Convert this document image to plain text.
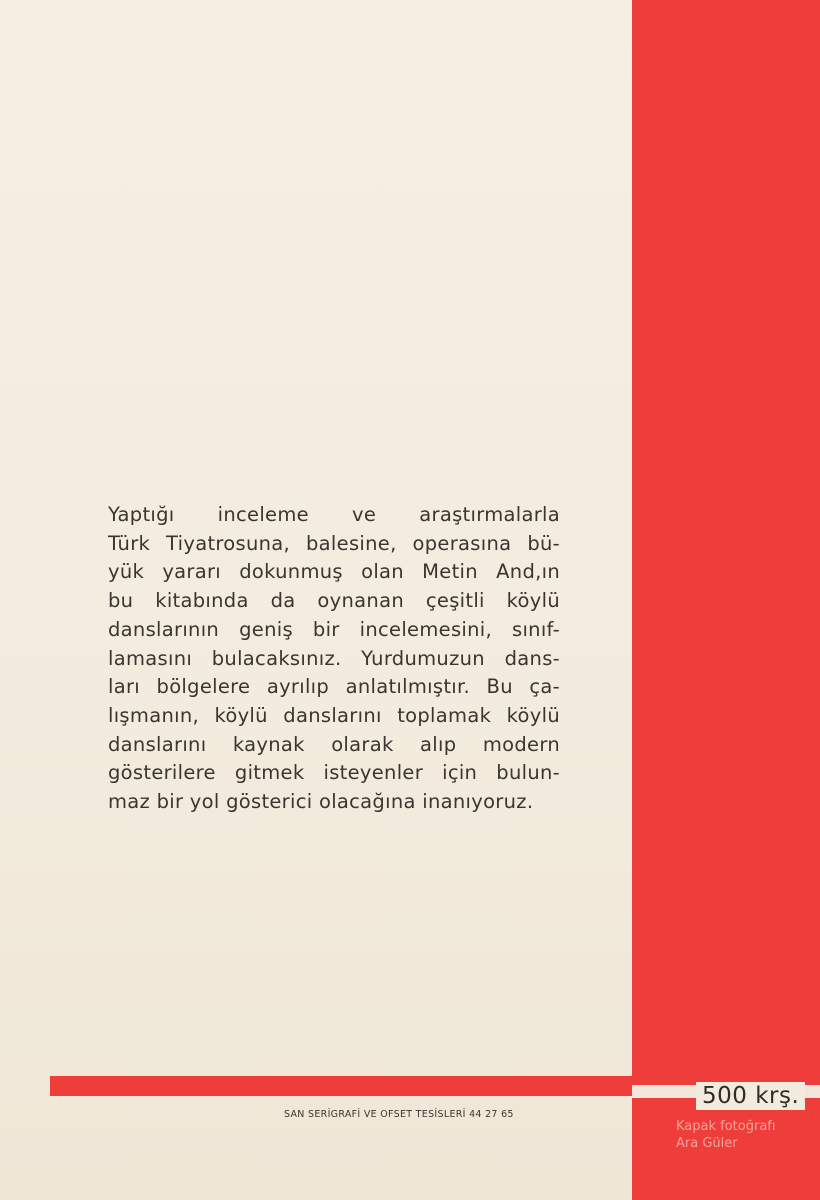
Yaptığı inceleme ve araştırmalarla
Türk Tiyatrosuna, balesine, operasına bü-
yük yararı dokunmuş olan Metin And,ın
bu kitabında da oynanan çeşitli köylü
danslarının geniş bir incelemesini, sınıf-
lamasını bulacaksınız. Yurdumuzun dans-
ları bölgelere ayrılıp anlatılmıştır. Bu ça-
lışmanın, köylü danslarını toplamak köylü
danslarını kaynak olarak alıp modern
gösterilere gitmek isteyenler için bulun-
maz bir yol gösterici olacağına inanıyoruz.

SAN SERİGRAFİ VE OFSET TESİSLERİ 44 27 65
500 krş.
Kapak fotoğrafı
Ara Güler
